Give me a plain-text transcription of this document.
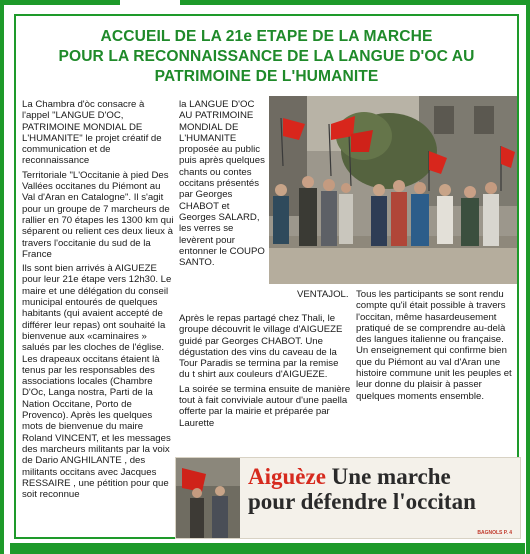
ACCUEIL DE LA 21e ETAPE DE LA MARCHE
POUR LA RECONNAISSANCE DE LA LANGUE D'OC AU
PATRIMOINE DE L'HUMANITE

La Chambra d'òc consacre à l'appel "LANGUE D'OC, PATRIMOINE MONDIAL DE L'HUMANITE" le projet créatif de communication et de reconnaissance

Territoriale "L'Occitanie à pied Des Vallées occitanes du Piémont au Val d'Aran en Catalogne". Il s'agit pour un groupe de 7 marcheurs de rallier en 70 étapes les 1300 km qui séparent ou relient ces deux lieux à travers l'occitanie du sud de la France

Ils sont bien arrivés à AIGUEZE pour leur 21e étape vers 12h30. Le maire et une délégation du conseil municipal entourés de quelques habitants (qui avaient accepté de différer leur repas) ont souhaité la bienvenue aux «caminaires » salués par les cloches de l'église. Les drapeaux occitans étaient là tenus par les responsables des associations locales (Chambre D'Oc, Langa nostra, Parti de la Nation Occitane, Porto de Provenco). Après les quelques mots de bienvenue du maire Roland VINCENT, et les messages des marcheurs militants par la voix de Dario ANGHILANTE , des militants occitans avec Jacques RESSAIRE , une pétition pour que soit reconnue

la LANGUE D'OC AU PATRIMOINE MONDIAL DE L'HUMANITE proposée au public puis après quelques chants ou contes occitans présentés par Georges CHABOT et Georges SALARD, les verres se levèrent pour entonner le COUPO SANTO.

VENTAJOL.

Après le repas partagé chez Thali, le groupe découvrit le village d'AIGUEZE guidé par Georges CHABOT. Une dégustation des vins du caveau de la Tour Paradis se termina par la remise du t shirt aux couleurs d'AIGUEZE.

La soirée se termina ensuite de manière tout à fait conviviale autour d'une paella offerte par la mairie et préparée par Laurette

Tous les participants se sont rendu compte qu'il était possible à travers l'occitan, même hasardeusement pratiqué de se comprendre au-delà des langues italienne ou française. Un enseignement qui confirme bien que du Piémont au val d'Aran une histoire commune unit les peuples et leur donne du plaisir à passer quelques moments ensemble.

Aiguèze Une marche
pour défendre l'occitan
BAGNOLS P. 4
